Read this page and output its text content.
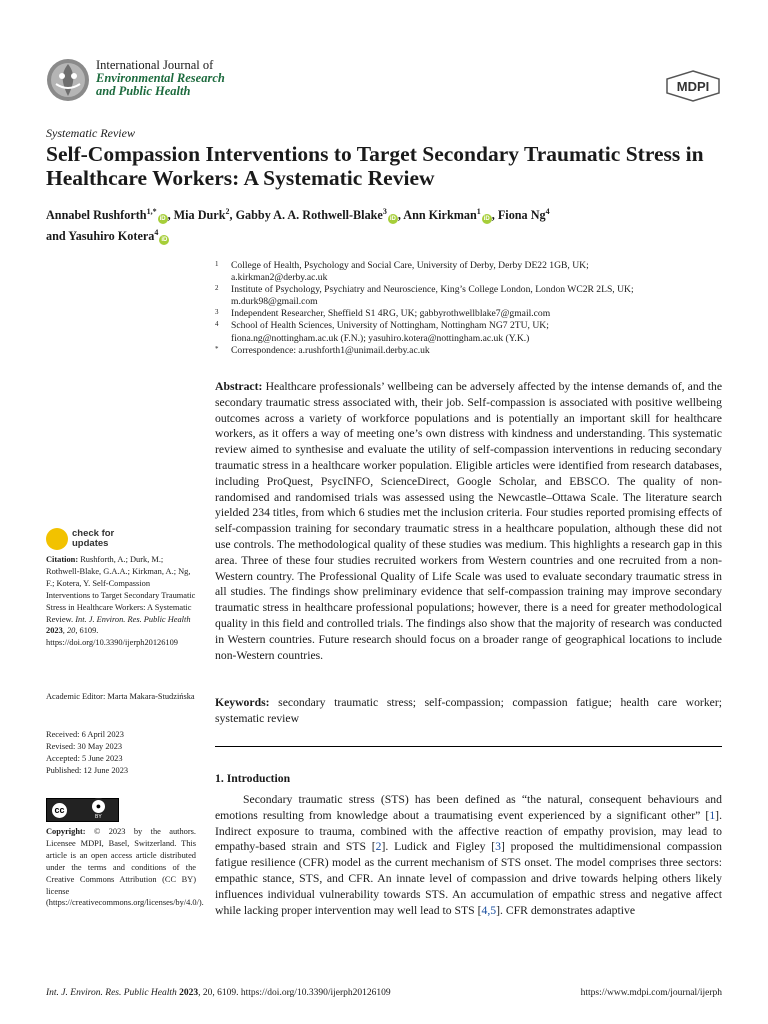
International Journal of
Environmental Research
and Public Health	MDPI
Systematic Review
Self-Compassion Interventions to Target Secondary Traumatic Stress in Healthcare Workers: A Systematic Review
Annabel Rushforth$^{1,*}$iD , Mia Durk$^2$, Gabby A. A. Rothwell-Blake$^3$iD , Ann Kirkman$^1$iD , Fiona Ng$^4$
and Yasuhiro Kotera$^4$iD
1 College of Health, Psychology and Social Care, University of Derby, Derby DE22 1GB, UK;
a.kirkman2@derby.ac.uk
2 Institute of Psychology, Psychiatry and Neuroscience, King’s College London, London WC2R 2LS, UK;
m.durk98@gmail.com
3 Independent Researcher, Sheffield S1 4RG, UK; gabbyrothwellblake7@gmail.com
4 School of Health Sciences, University of Nottingham, Nottingham NG7 2TU, UK;
fiona.ng@nottingham.ac.uk (F.N.); yasuhiro.kotera@nottingham.ac.uk (Y.K.)
* Correspondence: a.rushforth1@unimail.derby.ac.uk
check for
updates
Citation: Rushforth, A.; Durk, M.; Rothwell-Blake, G.A.A.; Kirkman, A.; Ng, F.; Kotera, Y. Self-Compassion Interventions to Target Secondary Traumatic Stress in Healthcare Workers: A Systematic Review. Int. J. Environ. Res. Public Health 2023, 20, 6109. https://doi.org/10.3390/ijerph20126109
Academic Editor: Marta Makara-Studzińska
Received: 6 April 2023
Revised: 30 May 2023
Accepted: 5 June 2023
Published: 12 June 2023
cc	●
BY
Copyright: © 2023 by the authors. Licensee MDPI, Basel, Switzerland. This article is an open access article distributed under the terms and conditions of the Creative Commons Attribution (CC BY) license (https://creativecommons.org/licenses/by/4.0/).
Abstract: Healthcare professionals’ wellbeing can be adversely affected by the intense demands of, and the secondary traumatic stress associated with, their job. Self-compassion is associated with positive wellbeing outcomes across a variety of workforce populations and is potentially an important skill for healthcare workers, as it offers a way of meeting one’s own distress with kindness and understanding. This systematic review aimed to synthesise and evaluate the utility of self-compassion interventions in reducing secondary traumatic stress in a healthcare worker population. Eligible articles were identified from research databases, including ProQuest, PsycINFO, ScienceDirect, Google Scholar, and EBSCO. The quality of non-randomised and randomised trials was assessed using the Newcastle–Ottawa Scale. The literature search yielded 234 titles, from which 6 studies met the inclusion criteria. Four studies reported promising effects of self-compassion training for secondary traumatic stress in a healthcare population, although these did not use controls. The methodological quality of these studies was medium. This highlights a research gap in this area. Three of these four studies recruited workers from Western countries and one recruited from a non-Western country. The Professional Quality of Life Scale was used to evaluate secondary traumatic stress in all studies. The findings show preliminary evidence that self-compassion training may improve secondary traumatic stress in healthcare professional populations; however, there is a need for greater methodological quality in this field and controlled trials. The findings also show that the majority of research was conducted in Western countries. Future research should focus on a broader range of geographical locations to include non-Western countries.
Keywords: secondary traumatic stress; self-compassion; compassion fatigue; health care worker; systematic review
1. Introduction
Secondary traumatic stress (STS) has been defined as “the natural, consequent behaviours and emotions resulting from knowledge about a traumatising event experienced by a significant other” [1]. Indirect exposure to trauma, combined with the affective reaction of empathy provision, may lead to empathy-based strain and STS [2]. Ludick and Figley [3] proposed the multidimensional compassion fatigue resilience (CFR) model as the current mechanism of STS onset. The model comprises three sectors: empathic stance, STS, and CFR. An innate level of compassion and drive towards helping others likely influences individual vulnerability towards STS. An accumulation of empathic stress and negative affect while lacking proper intervention may well lead to STS [4,5]. CFR demonstrates adaptive
Int. J. Environ. Res. Public Health 2023, 20, 6109. https://doi.org/10.3390/ijerph20126109	https://www.mdpi.com/journal/ijerph
